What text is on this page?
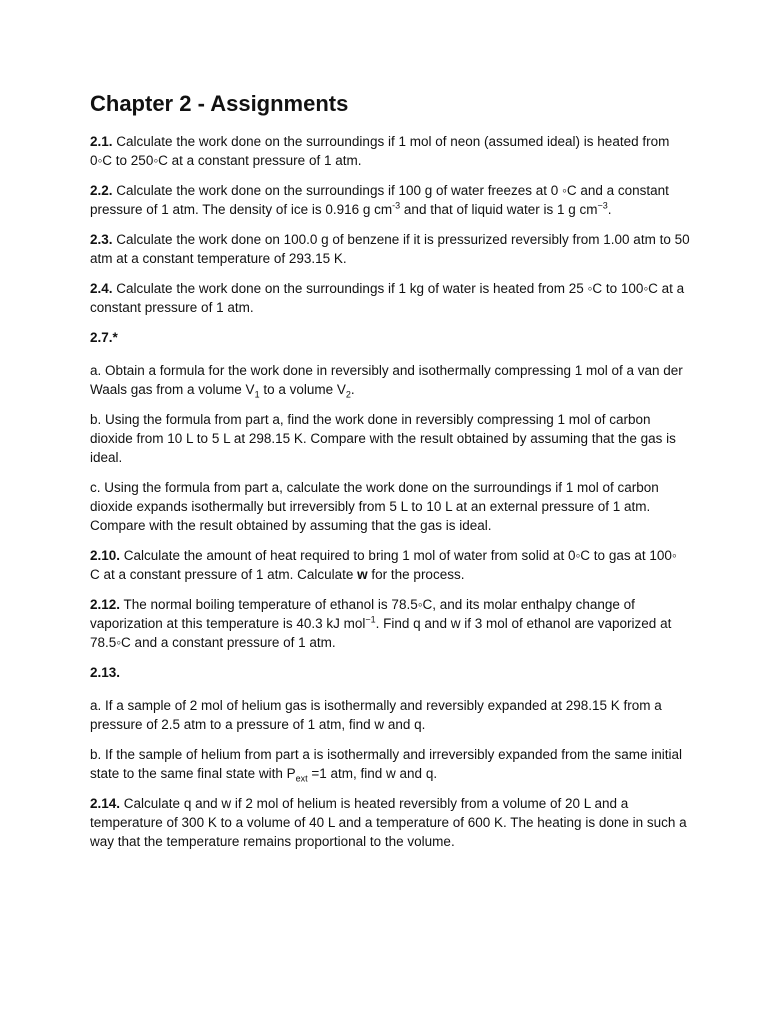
Chapter 2 - Assignments

2.1. Calculate the work done on the surroundings if 1 mol of neon (assumed ideal) is heated from 0◦C to 250◦C at a constant pressure of 1 atm.

2.2. Calculate the work done on the surroundings if 100 g of water freezes at 0 ◦C and a constant pressure of 1 atm. The density of ice is 0.916 g $cm^{-3}$ and that of liquid water is 1 g $cm^{-3}$.

2.3. Calculate the work done on 100.0 g of benzene if it is pressurized reversibly from 1.00 atm to 50 atm at a constant temperature of 293.15 K.

2.4. Calculate the work done on the surroundings if 1 kg of water is heated from 25 ◦C to 100◦C at a constant pressure of 1 atm.

2.7.*

a. Obtain a formula for the work done in reversibly and isothermally compressing 1 mol of a van der Waals gas from a volume $V_1$ to a volume $V_2$.

b. Using the formula from part a, find the work done in reversibly compressing 1 mol of carbon dioxide from 10 L to 5 L at 298.15 K. Compare with the result obtained by assuming that the gas is ideal.

c. Using the formula from part a, calculate the work done on the surroundings if 1 mol of carbon dioxide expands isothermally but irreversibly from 5 L to 10 L at an external pressure of 1 atm. Compare with the result obtained by assuming that the gas is ideal.

2.10. Calculate the amount of heat required to bring 1 mol of water from solid at 0◦C to gas at 100◦ C at a constant pressure of 1 atm. Calculate w for the process.

2.12. The normal boiling temperature of ethanol is 78.5◦C, and its molar enthalpy change of vaporization at this temperature is 40.3 kJ mol$^{-1}$. Find q and w if 3 mol of ethanol are vaporized at 78.5◦C and a constant pressure of 1 atm.

2.13.

a. If a sample of 2 mol of helium gas is isothermally and reversibly expanded at 298.15 K from a pressure of 2.5 atm to a pressure of 1 atm, find w and q.

b. If the sample of helium from part a is isothermally and irreversibly expanded from the same initial state to the same final state with $P_{ext} =1$ atm, find w and q.

2.14. Calculate q and w if 2 mol of helium is heated reversibly from a volume of 20 L and a temperature of 300 K to a volume of 40 L and a temperature of 600 K. The heating is done in such a way that the temperature remains proportional to the volume.
